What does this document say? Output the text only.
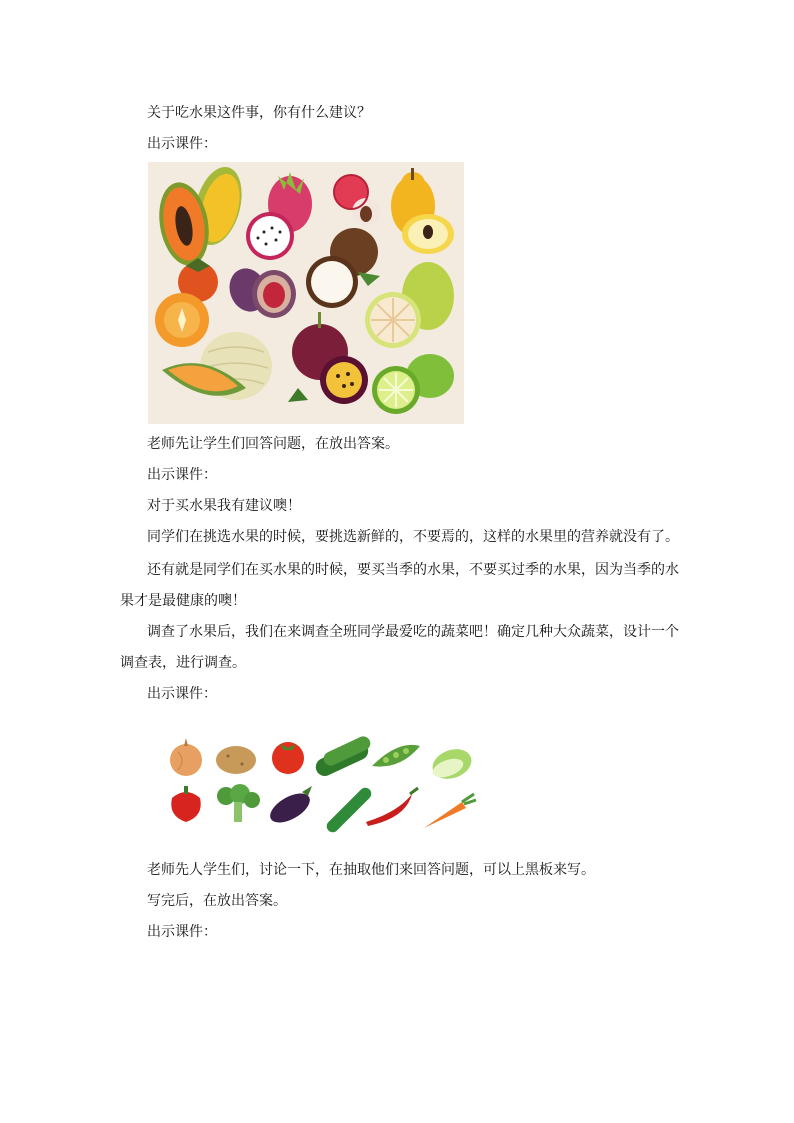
关于吃水果这件事，你有什么建议？
出示课件：
老师先让学生们回答问题，在放出答案。
出示课件：
对于买水果我有建议噢！
同学们在挑选水果的时候，要挑选新鲜的，不要焉的，这样的水果里的营养就没有了。
还有就是同学们在买水果的时候，要买当季的水果，不要买过季的水果，因为当季的水
果才是最健康的噢！
调查了水果后，我们在来调查全班同学最爱吃的蔬菜吧！确定几种大众蔬菜，设计一个
调查表，进行调查。
出示课件：
老师先人学生们，讨论一下，在抽取他们来回答问题，可以上黑板来写。
写完后，在放出答案。
出示课件：
